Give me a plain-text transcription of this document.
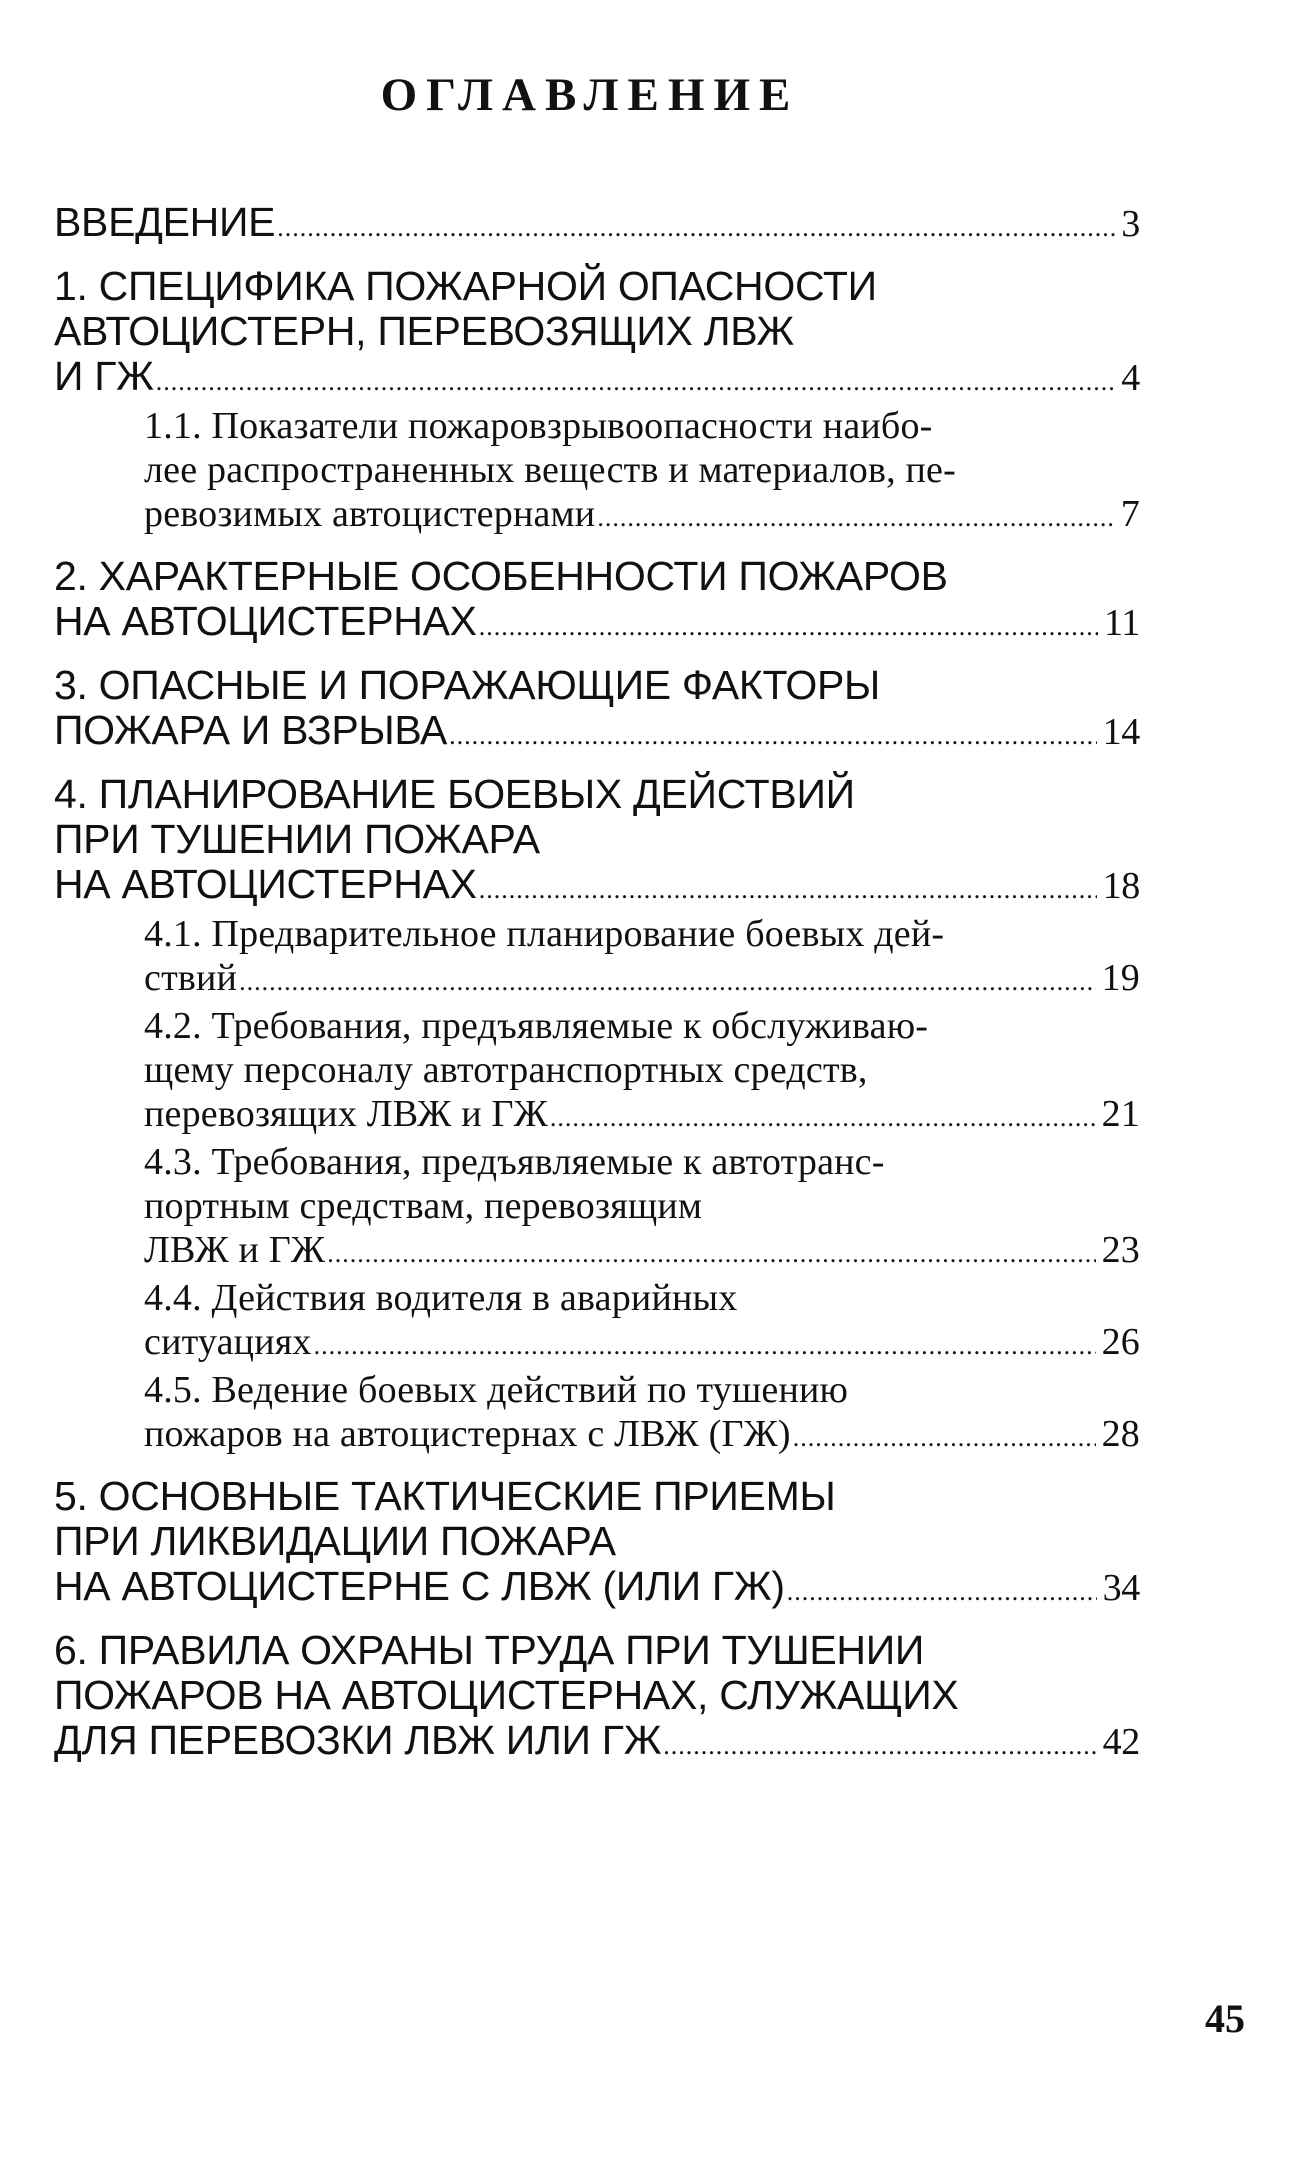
ОГЛАВЛЕНИЕ
ВВЕДЕНИЕ .....	3
1. СПЕЦИФИКА ПОЖАРНОЙ ОПАСНОСТИ
АВТОЦИСТЕРН, ПЕРЕВОЗЯЩИХ ЛВЖ
И ГЖ .....	4
1.1. Показатели пожаровзрывоопасности наибо-
лее распространенных веществ и материалов, пе-
ревозимых автоцистернами .....	7
2. ХАРАКТЕРНЫЕ ОСОБЕННОСТИ ПОЖАРОВ
НА АВТОЦИСТЕРНАХ .....	11
3. ОПАСНЫЕ И ПОРАЖАЮЩИЕ ФАКТОРЫ
ПОЖАРА И ВЗРЫВА .....	14
4. ПЛАНИРОВАНИЕ БОЕВЫХ ДЕЙСТВИЙ
ПРИ ТУШЕНИИ ПОЖАРА
НА АВТОЦИСТЕРНАХ .....	18
4.1. Предварительное планирование боевых дей-
ствий .....	19
4.2. Требования, предъявляемые к обслуживаю-
щему персоналу автотранспортных средств,
перевозящих ЛВЖ и ГЖ .....	21
4.3. Требования, предъявляемые к автотранс-
портным средствам, перевозящим
ЛВЖ и ГЖ .....	23
4.4. Действия водителя в аварийных
ситуациях .....	26
4.5. Ведение боевых действий по тушению
пожаров на автоцистернах с ЛВЖ (ГЖ) .....	28
5. ОСНОВНЫЕ ТАКТИЧЕСКИЕ ПРИЕМЫ
ПРИ ЛИКВИДАЦИИ ПОЖАРА
НА АВТОЦИСТЕРНЕ С ЛВЖ (ИЛИ ГЖ) .....	34
6. ПРАВИЛА ОХРАНЫ ТРУДА ПРИ ТУШЕНИИ
ПОЖАРОВ НА АВТОЦИСТЕРНАХ, СЛУЖАЩИХ
ДЛЯ ПЕРЕВОЗКИ ЛВЖ ИЛИ ГЖ .....	42
45
